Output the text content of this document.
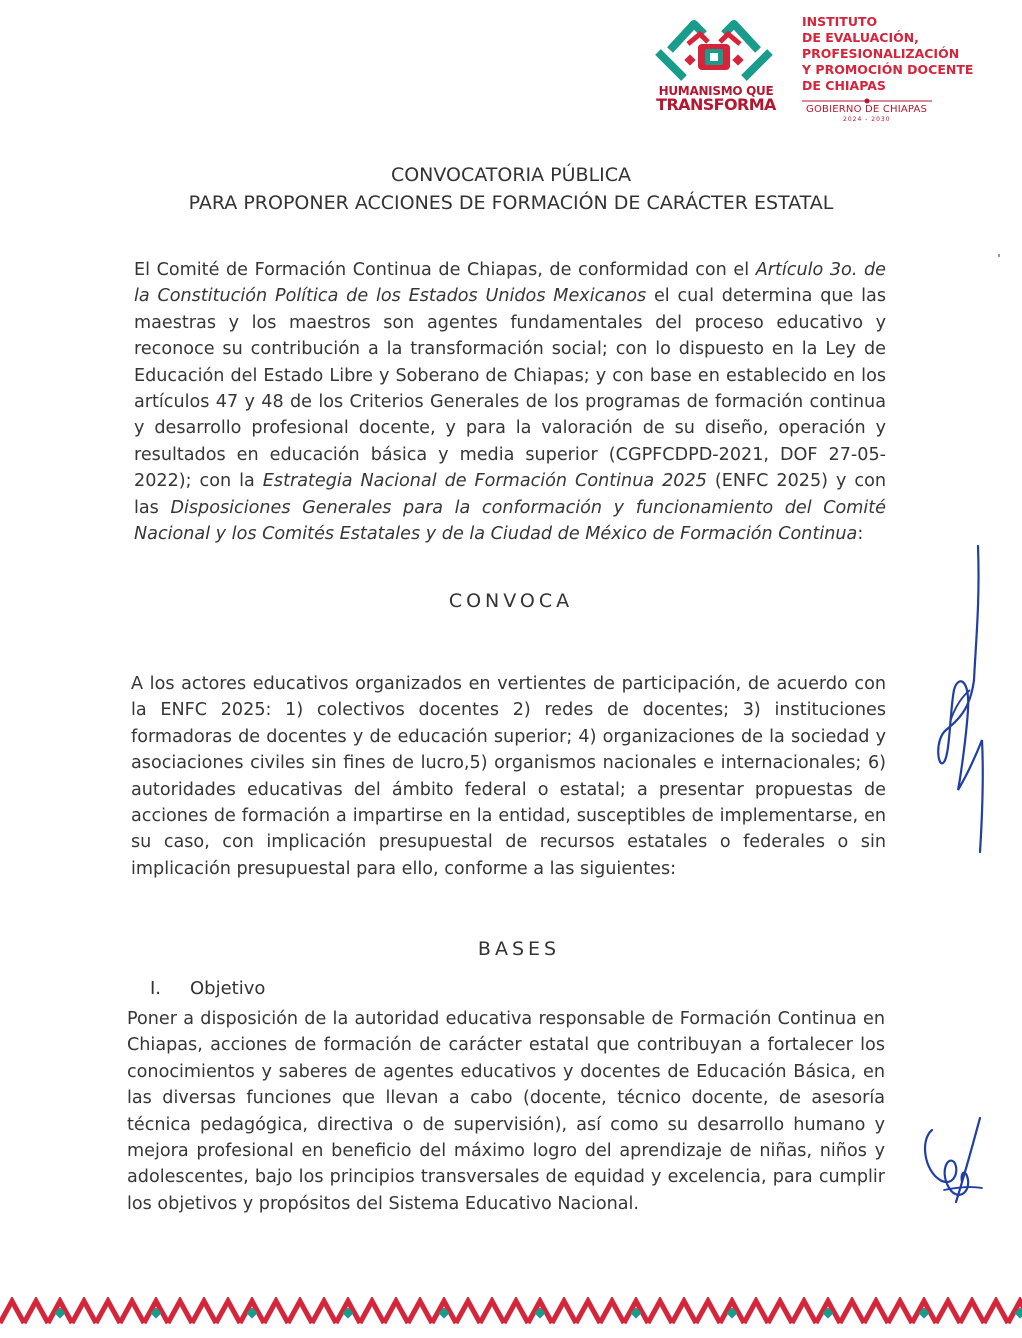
HUMANISMO QUE
TRANSFORMA
INSTITUTO
DE EVALUACIÓN,
PROFESIONALIZACIÓN
Y PROMOCIÓN DOCENTE
DE CHIAPAS
GOBIERNO DE CHIAPAS
2024 - 2030
CONVOCATORIA PÚBLICA
PARA PROPONER ACCIONES DE FORMACIÓN DE CARÁCTER ESTATAL

El Comité de Formación Continua de Chiapas, de conformidad con el Artículo 3o. de la Constitución Política de los Estados Unidos Mexicanos el cual determina que las maestras y los maestros son agentes fundamentales del proceso educativo y reconoce su contribución a la transformación social; con lo dispuesto en la Ley de Educación del Estado Libre y Soberano de Chiapas; y con base en establecido en los artículos 47 y 48 de los Criterios Generales de los programas de formación continua y desarrollo profesional docente, y para la valoración de su diseño, operación y resultados en educación básica y media superior (CGPFCDPD-2021, DOF 27-05-2022); con la Estrategia Nacional de Formación Continua 2025 (ENFC 2025) y con las Disposiciones Generales para la conformación y funcionamiento del Comité Nacional y los Comités Estatales y de la Ciudad de México de Formación Continua:

CONVOCA

A los actores educativos organizados en vertientes de participación, de acuerdo con la ENFC 2025: 1) colectivos docentes 2) redes de docentes; 3) instituciones formadoras de docentes y de educación superior; 4) organizaciones de la sociedad y asociaciones civiles sin fines de lucro,5) organismos nacionales e internacionales; 6) autoridades educativas del ámbito federal o estatal; a presentar propuestas de acciones de formación a impartirse en la entidad, susceptibles de implementarse, en su caso, con implicación presupuestal de recursos estatales o federales o sin implicación presupuestal para ello, conforme a las siguientes:

BASES
I. Objetivo

Poner a disposición de la autoridad educativa responsable de Formación Continua en Chiapas, acciones de formación de carácter estatal que contribuyan a fortalecer los conocimientos y saberes de agentes educativos y docentes de Educación Básica, en las diversas funciones que llevan a cabo (docente, técnico docente, de asesoría técnica pedagógica, directiva o de supervisión), así como su desarrollo humano y mejora profesional en beneficio del máximo logro del aprendizaje de niñas, niños y adolescentes, bajo los principios transversales de equidad y excelencia, para cumplir los objetivos y propósitos del Sistema Educativo Nacional.
